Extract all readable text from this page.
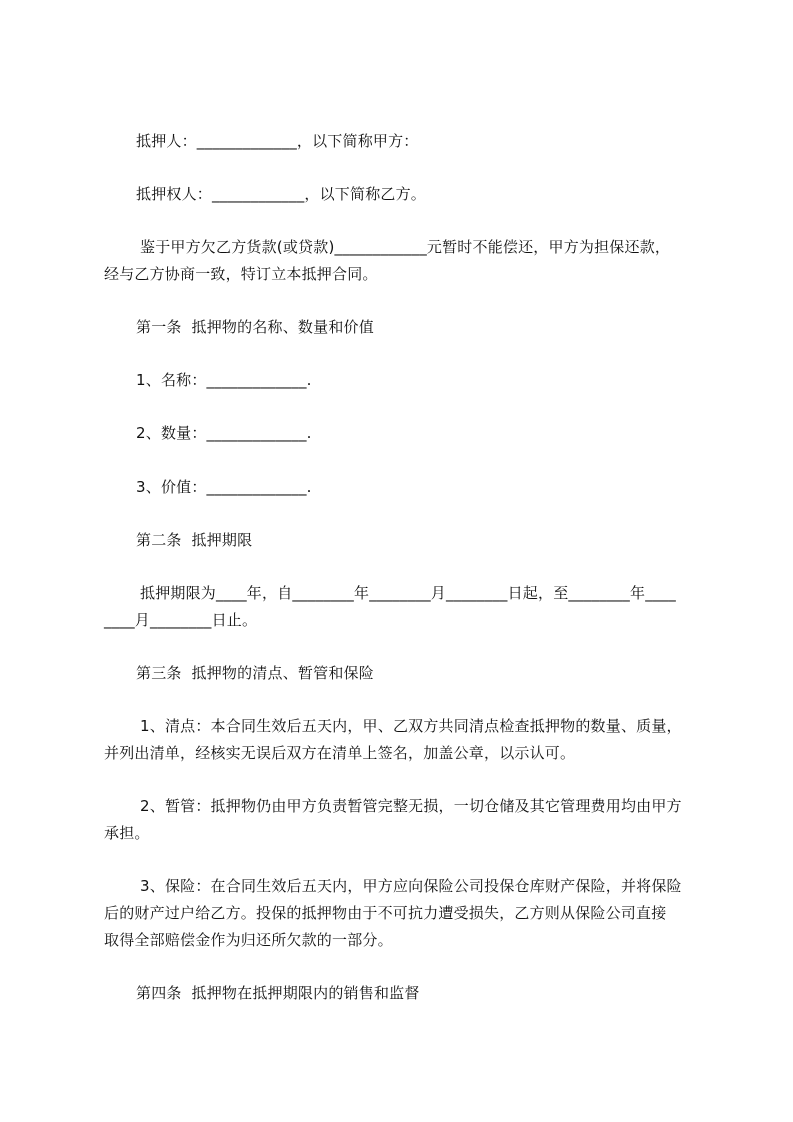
抵押人：_____________，以下简称甲方：
抵押权人：____________，以下简称乙方。
鉴于甲方欠乙方货款(或贷款)____________元暂时不能偿还，甲方为担保还款，
经与乙方协商一致，特订立本抵押合同。
第一条  抵押物的名称、数量和价值
1、名称：_____________.
2、数量：_____________.
3、价值：_____________.
第二条  抵押期限
抵押期限为____年，自________年________月________日起，至________年____
____月________日止。
第三条  抵押物的清点、暂管和保险
1、清点：本合同生效后五天内，甲、乙双方共同清点检查抵押物的数量、质量，
并列出清单，经核实无误后双方在清单上签名，加盖公章，以示认可。
2、暂管：抵押物仍由甲方负责暂管完整无损，一切仓储及其它管理费用均由甲方
承担。
3、保险：在合同生效后五天内，甲方应向保险公司投保仓库财产保险，并将保险
后的财产过户给乙方。投保的抵押物由于不可抗力遭受损失，乙方则从保险公司直接
取得全部赔偿金作为归还所欠款的一部分。
第四条  抵押物在抵押期限内的销售和监督
